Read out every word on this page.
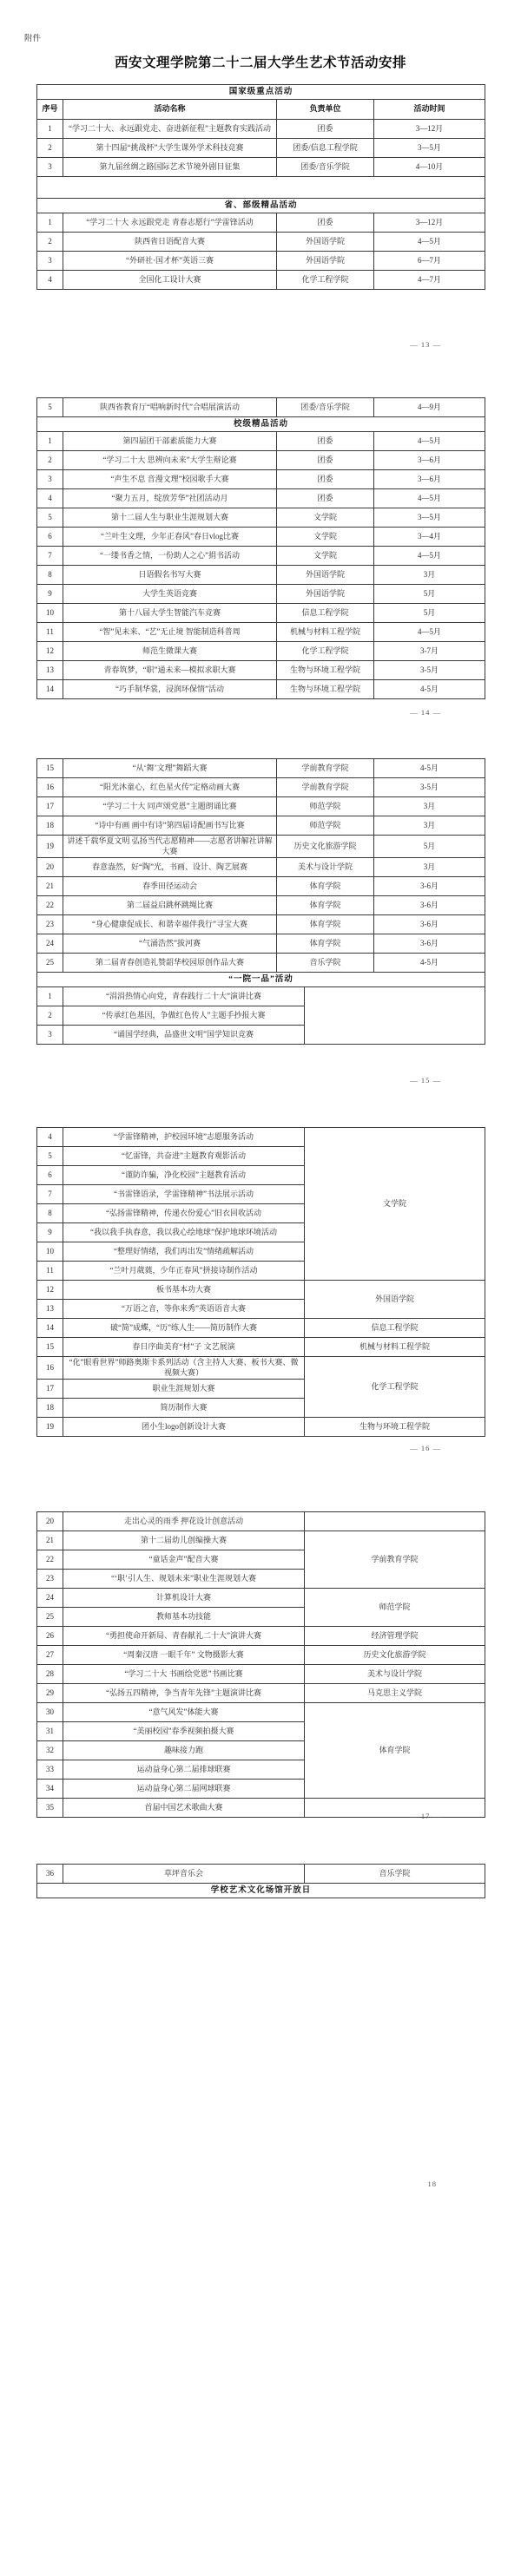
附件
西安文理学院第二十二届大学生艺术节活动安排
国家级重点活动			
序号	活动名称	负责单位	活动时间
1	“学习二十大、永远跟党走、奋进新征程”主题教育实践活动	团委	3—12月
2	第十四届“挑战杯”大学生课外学术科技竞赛	团委/信息工程学院	3—5月
3	第九届丝绸之路国际艺术节境外剧目征集	团委/音乐学院	4—10月

省、部级精品活动			
1	“学习二十大 永远跟党走 青春志愿行”学雷锋活动	团委	3—12月
2	陕西省日语配音大赛	外国语学院	4—5月
3	“外研社·国才杯”英语三赛	外国语学院	6—7月
4	全国化工设计大赛	化学工程学院	4—7月
— 13 —
5	陕西省教育厅“唱响新时代”合唱展演活动	团委/音乐学院	4—9月
校级精品活动			
1	第四届团干部素质能力大赛	团委	4—5月
2	“学习二十大 思辨向未来”大学生辩论赛	团委	3—6月
3	“声生不息 音漫文理”校园歌手大赛	团委	3—6月
4	“聚力五月，绽放芳华”社团活动月	团委	4—5月
5	第十二届人生与职业生涯规划大赛	文学院	3—5月
6	“兰叶生文理，少年正春风”春日vlog比赛	文学院	3—4月
7	“一缕书香之情，一份助人之心”捐书活动	文学院	4—5月
8	日语假名书写大赛	外国语学院	3月
9	大学生英语竞赛	外国语学院	5月
10	第十八届大学生智能汽车竞赛	信息工程学院	5月
11	“智”见未来、“艺”无止境 智能制造科普周	机械与材料工程学院	4—5月
12	师范生微课大赛	化学工程学院	3-7月
13	青春筑梦，“职”通未来—模拟求职大赛	生物与环境工程学院	3-5月
14	“巧手制华裳，浸润环保情”活动	生物与环境工程学院	4-5月
— 14 —
15	“从‘舞’文理”舞蹈大赛	学前教育学院	4-5月
16	“阳光沐童心，红色星火传”定格动画大赛	学前教育学院	3-5月
17	“学习二十大 同声颂党恩”主题朗诵比赛	师范学院	3月
18	“诗中有画 画中有诗”第四届诗配画书写比赛	师范学院	3月
19	讲述千载华夏文明 弘扬当代志愿精神——志愿者讲解社讲解大赛	历史文化旅游学院	5月
20	春意盎然，好“陶”光，书画、设计、陶艺展赛	美术与设计学院	3月
21	春季田径运动会	体育学院	3-6月
22	第二届益启跳杯跳绳比赛	体育学院	3-6月
23	“身心健康促成长、和谐幸福伴我行”寻宝大赛	体育学院	3-6月
24	“气涌浩然”拔河赛	体育学院	3-6月
25	第二届青春创造礼赞韶华校园原创作品大赛	音乐学院	4-5月
“一院一品”活动		
1	“涓涓热情心向党，青春践行二十大”演讲比赛	
2	“传承红色基因，争做红色传人”主题手抄报大赛	
3	“诵国学经典，品盛世文明”国学知识竞赛	
— 15 —
4	“学雷锋精神，护校园环境”志愿服务活动	文学院
5	“忆雷锋，共奋进”主题教育观影活动	
6	“谨防诈骗，净化校园”主题教育活动	
7	“书雷锋语录，学雷锋精神”书法展示活动	
8	“弘扬雷锋精神，传递衣份爱心”旧衣回收活动	
9	“我以我手执春意，我以我心绘地球”保护地球环境活动	
10	“整理好情绪，我们再出发”情绪疏解活动	
11	“兰叶月葳蕤，少年正春风”拼接诗制作活动	
12	板书基本功大赛	外国语学院
13	“万语之音，等你来秀”英语语音大赛	
14	破“简”成蝶，“历”练人生——简历制作大赛	信息工程学院
15	春日序曲美育“材”子 文艺展演	机械与材料工程学院
16	“化”眼看世界”师路奥斯卡系列活动（含主持人大赛、板书大赛、微视频大赛）	化学工程学院
17	职业生涯规划大赛	
18	简历制作大赛	
19	团小生logo创新设计大赛	生物与环境工程学院
— 16 —
20	走出心灵的雨季 押花设计创意活动	
21	第十二届幼儿创编操大赛	学前教育学院
22	“童话金声”配音大赛	
23	“‘职’引人生、规划未来”职业生涯规划大赛	
24	计算机设计大赛	师范学院
25	教师基本功技能	
26	“勇担使命开新局、青春献礼二十大”演讲大赛	经济管理学院
27	“周秦汉唐 一眼千年” 文物摄影大赛	历史文化旅游学院
28	“学习二十大 书画绘党恩”书画比赛	美术与设计学院
29	“弘扬五四精神，争当青年先锋”主题演讲比赛	马克思主义学院
30	“意气风发”体能大赛	体育学院
31	“美丽校园”春季视频拍摄大赛	
32	趣味接力跑	
33	运动益身心第二届排球联赛	
34	运动益身心第二届网球联赛	
35	首届中国艺术歌曲大赛	
— 17 —
36	草坪音乐会	音乐学院
学校艺术文化场馆开放日
18
